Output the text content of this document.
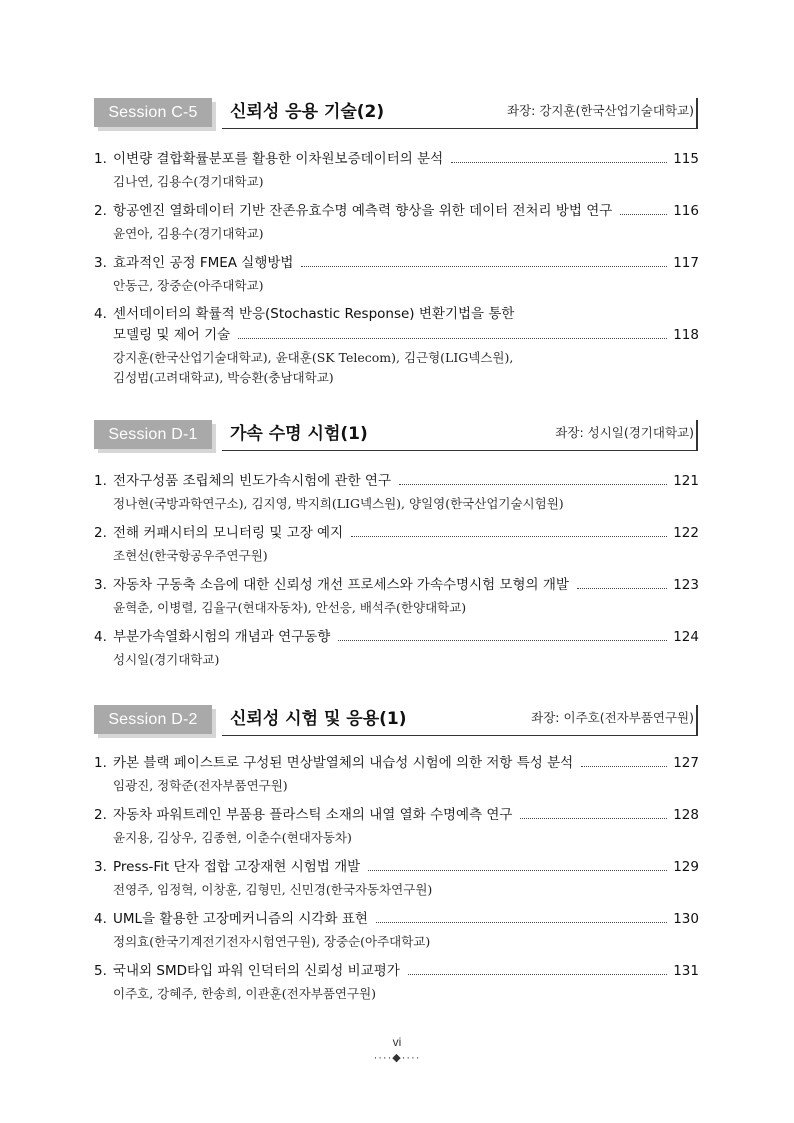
Session C-5	신뢰성 응용 기술(2)	좌장: 강지훈(한국산업기술대학교)
1. 이변량 결합확률분포를 활용한 이차원보증데이터의 분석	115
김나연, 김용수(경기대학교)
2. 항공엔진 열화데이터 기반 잔존유효수명 예측력 향상을 위한 데이터 전처리 방법 연구	116
윤연아, 김용수(경기대학교)
3. 효과적인 공정 FMEA 실행방법	117
안동근, 장중순(아주대학교)
4. 센서데이터의 확률적 반응(Stochastic Response) 변환기법을 통한
모델링 및 제어 기술	118
강지훈(한국산업기술대학교), 윤대훈(SK Telecom), 김근형(LIG넥스원),
김성범(고려대학교), 박승환(충남대학교)
Session D-1	가속 수명 시험(1)	좌장: 성시일(경기대학교)
1. 전자구성품 조립체의 빈도가속시험에 관한 연구	121
정나현(국방과학연구소), 김지영, 박지희(LIG넥스원), 양일영(한국산업기술시험원)
2. 전해 커패시터의 모니터링 및 고장 예지	122
조현선(한국항공우주연구원)
3. 자동차 구동축 소음에 대한 신뢰성 개선 프로세스와 가속수명시험 모형의 개발	123
윤혁춘, 이병렬, 김율구(현대자동차), 안선응, 배석주(한양대학교)
4. 부분가속열화시험의 개념과 연구동향	124
성시일(경기대학교)
Session D-2	신뢰성 시험 및 응용(1)	좌장: 이주호(전자부품연구원)
1. 카본 블랙 페이스트로 구성된 면상발열체의 내습성 시험에 의한 저항 특성 분석	127
임광진, 정학준(전자부품연구원)
2. 자동차 파워트레인 부품용 플라스틱 소재의 내열 열화 수명예측 연구	128
윤지용, 김상우, 김종현, 이춘수(현대자동차)
3. Press-Fit 단자 접합 고장재현 시험법 개발	129
전영주, 임정혁, 이창훈, 김형민, 신민경(한국자동차연구원)
4. UML을 활용한 고장메커니즘의 시각화 표현	130
정의효(한국기계전기전자시험연구원), 장중순(아주대학교)
5. 국내외 SMD타입 파워 인덕터의 신뢰성 비교평가	131
이주호, 강혜주, 한송희, 이관훈(전자부품연구원)
vi
····◆····
